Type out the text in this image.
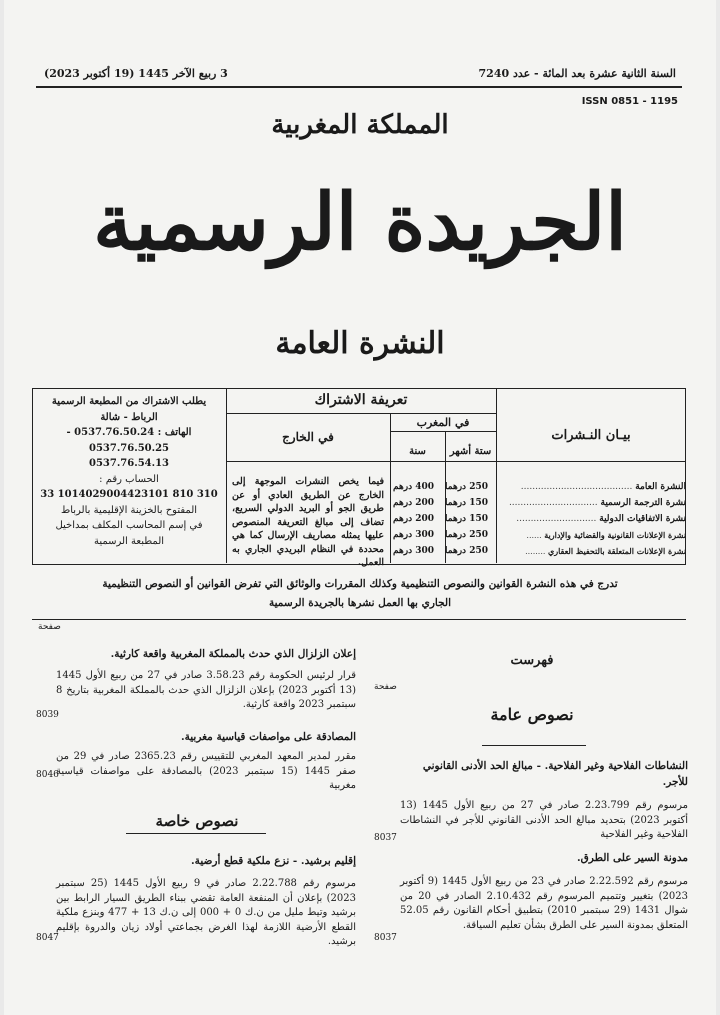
السنة الثانية عشرة بعد المائة - عدد 7240
3 ربيع الآخر 1445 (19 أكتوبر 2023)
ISSN 0851 - 1195
المملكة المغربية
الجريدة الرسمية
النشرة العامة
يطلب الاشتراك من المطبعة الرسمية
الرباط - شالة
الهاتف : 0537.76.50.24 - 0537.76.50.25
0537.76.54.13
الحساب رقم :
310 810 1014029004423101 33
المفتوح بالخزينة الإقليمية بالرباط
في إسم المحاسب المكلف بمداخيل
المطبعة الرسمية
تعريفة الاشتراك
في الخارج
في المغرب
ستة أشهر
سنة
فيما يخص النشرات الموجهة إلى الخارج عن الطريق العادي أو عن طريق الجو أو البريد الدولي السريع، تضاف إلى مبالغ التعريفة المنصوص عليها يمثله مصاريف الإرسال كما هي محددة في النظام البريدي الجاري به العمل.
بيـان النـشرات
النشرة العامة .......................................
250 درهما
400 درهم
نشرة الترجمة الرسمية ...............................
150 درهما
200 درهم
نشرة الاتفاقيات الدولية ............................
150 درهما
200 درهم
نشرة الإعلانات القانونية والقضائية والإدارية ......
250 درهما
300 درهم
نشرة الإعلانات المتعلقة بالتحفيظ العقاري ........
250 درهما
300 درهم
تدرج في هذه النشرة القوانين والنصوص التنظيمية وكذلك المقررات والوثائق التي تفرض القوانين أو النصوص التنظيمية
الجاري بها العمل نشرها بالجريدة الرسمية
صفحة
إعلان الزلزال الذي حدث بالمملكة المغربية واقعة كارثية.
قرار لرئيس الحكومة رقم 3.58.23 صادر في 27 من ربيع الأول 1445 (13 أكتوبر 2023) بإعلان الزلزال الذي حدث بالمملكة المغربية بتاريخ 8 سبتمبر 2023 واقعة كارثية.
8039
المصادقة على مواصفات قياسية مغربية.
مقرر لمدير المعهد المغربي للتقييس رقم 2365.23 صادر في 29 من صفر 1445 (15 سبتمبر 2023) بالمصادقة على مواصفات قياسية مغربية
8046
نصوص خاصة
إقليم برشيد. - نزع ملكية قطع أرضية.
مرسوم رقم 2.22.788 صادر في 9 ربيع الأول 1445 (25 سبتمبر 2023) بإعلان أن المنفعة العامة تقضي ببناء الطريق السيار الرابط بين برشيد وتيط مليل من ن.ك 0 + 000 إلى ن.ك 13 + 477 وبنزع ملكية القطع الأرضية اللازمة لهذا الغرض بجماعتي أولاد زيان والدروة بإقليم برشيد.
8047
فهرست
صفحة
نصوص عامة
النشاطات الفلاحية وغير الفلاحية. - مبالغ الحد الأدنى القانوني للأجر.
مرسوم رقم 2.23.799 صادر في 27 من ربيع الأول 1445 (13 أكتوبر 2023) بتحديد مبالغ الحد الأدنى القانوني للأجر في النشاطات الفلاحية وغير الفلاحية
8037
مدونة السير على الطرق.
مرسوم رقم 2.22.592 صادر في 23 من ربيع الأول 1445 (9 أكتوبر 2023) بتغيير وتتميم المرسوم رقم 2.10.432 الصادر في 20 من شوال 1431 (29 سبتمبر 2010) بتطبيق أحكام القانون رقم 52.05 المتعلق بمدونة السير على الطرق بشأن تعليم السياقة.
8037
